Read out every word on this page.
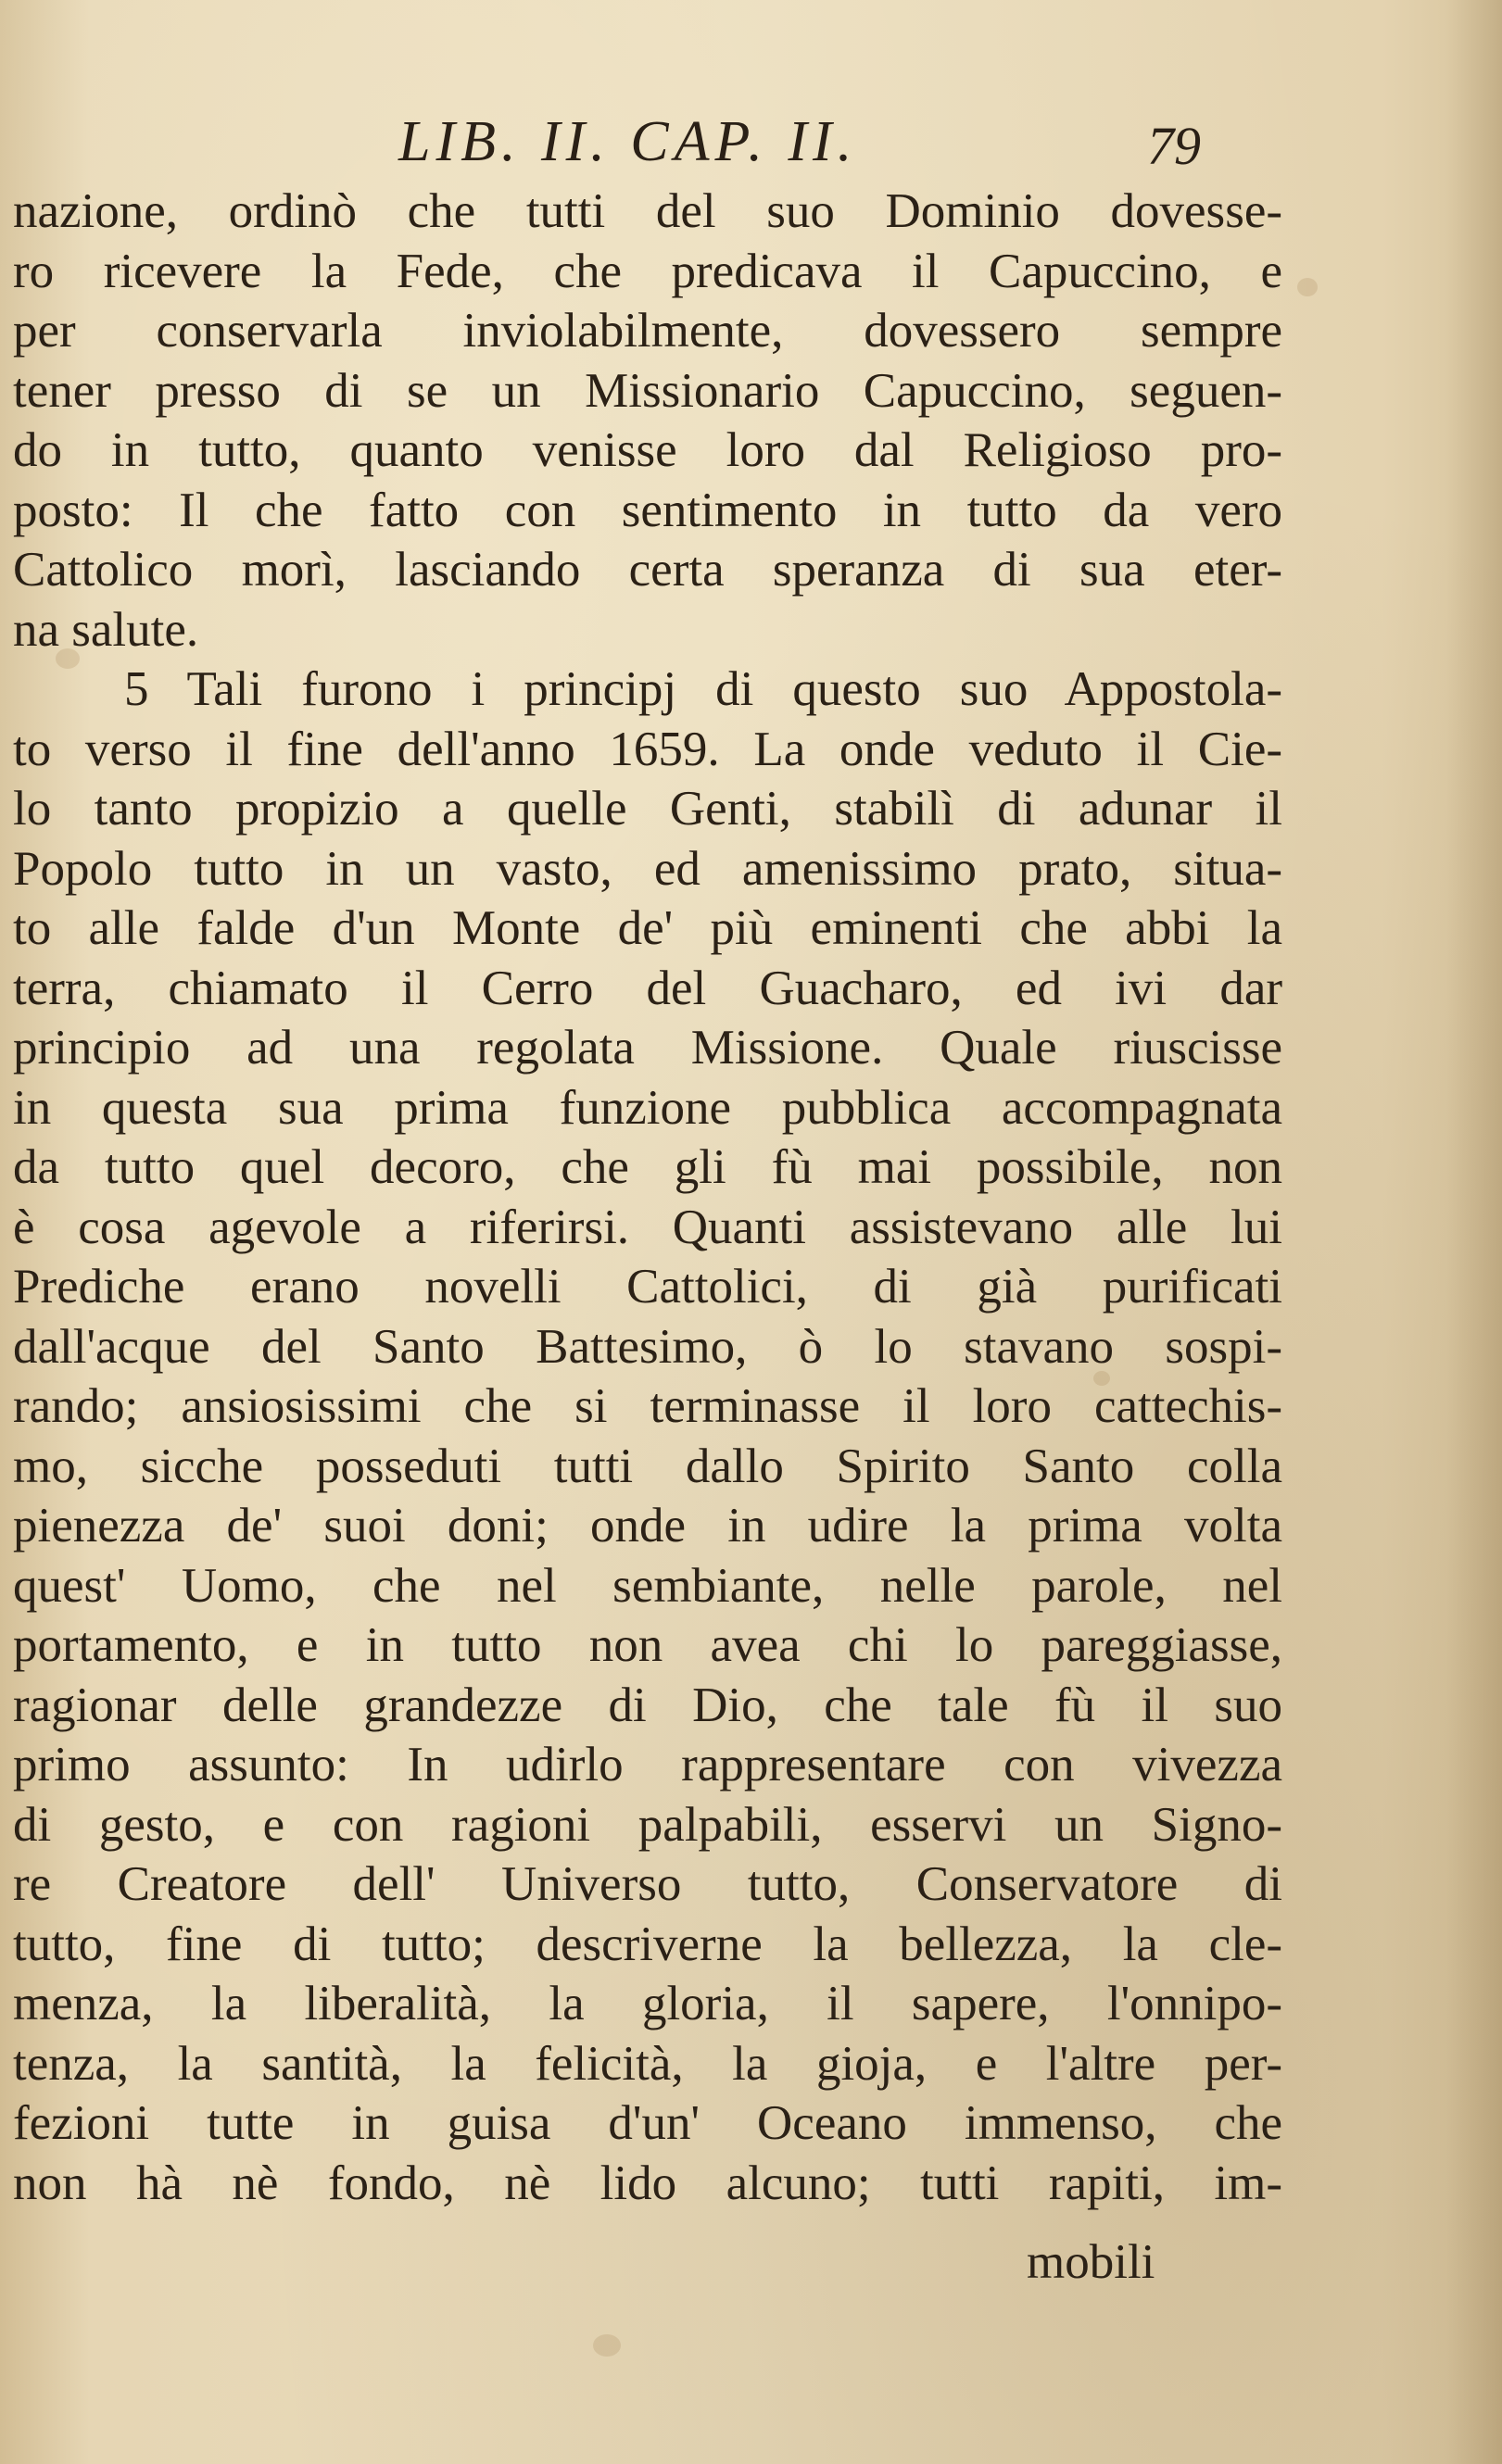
LIB. II. CAP. II.	79
nazione, ordinò che tutti del suo Dominio dovesse-
ro ricevere la Fede, che predicava il Capuccino, e
per conservarla inviolabilmente, dovessero sempre
tener presso di se un Missionario Capuccino, seguen-
do in tutto, quanto venisse loro dal Religioso pro-
posto: Il che fatto con sentimento in tutto da vero
Cattolico morì, lasciando certa speranza di sua eter-
na salute.
5 Tali furono i principj di questo suo Appostola-
to verso il fine dell'anno 1659. La onde veduto il Cie-
lo tanto propizio a quelle Genti, stabilì di adunar il
Popolo tutto in un vasto, ed amenissimo prato, situa-
to alle falde d'un Monte de' più eminenti che abbi la
terra, chiamato il Cerro del Guacharo, ed ivi dar
principio ad una regolata Missione. Quale riuscisse
in questa sua prima funzione pubblica accompagnata
da tutto quel decoro, che gli fù mai possibile, non
è cosa agevole a riferirsi. Quanti assistevano alle lui
Prediche erano novelli Cattolici, di già purificati
dall'acque del Santo Battesimo, ò lo stavano sospi-
rando; ansiosissimi che si terminasse il loro cattechis-
mo, sicche posseduti tutti dallo Spirito Santo colla
pienezza de' suoi doni; onde in udire la prima volta
quest' Uomo, che nel sembiante, nelle parole, nel
portamento, e in tutto non avea chi lo pareggiasse,
ragionar delle grandezze di Dio, che tale fù il suo
primo assunto: In udirlo rappresentare con vivezza
di gesto, e con ragioni palpabili, esservi un Signo-
re Creatore dell' Universo tutto, Conservatore di
tutto, fine di tutto; descriverne la bellezza, la cle-
menza, la liberalità, la gloria, il sapere, l'onnipo-
tenza, la santità, la felicità, la gioja, e l'altre per-
fezioni tutte in guisa d'un' Oceano immenso, che
non hà nè fondo, nè lido alcuno; tutti rapiti, im-
mobili
